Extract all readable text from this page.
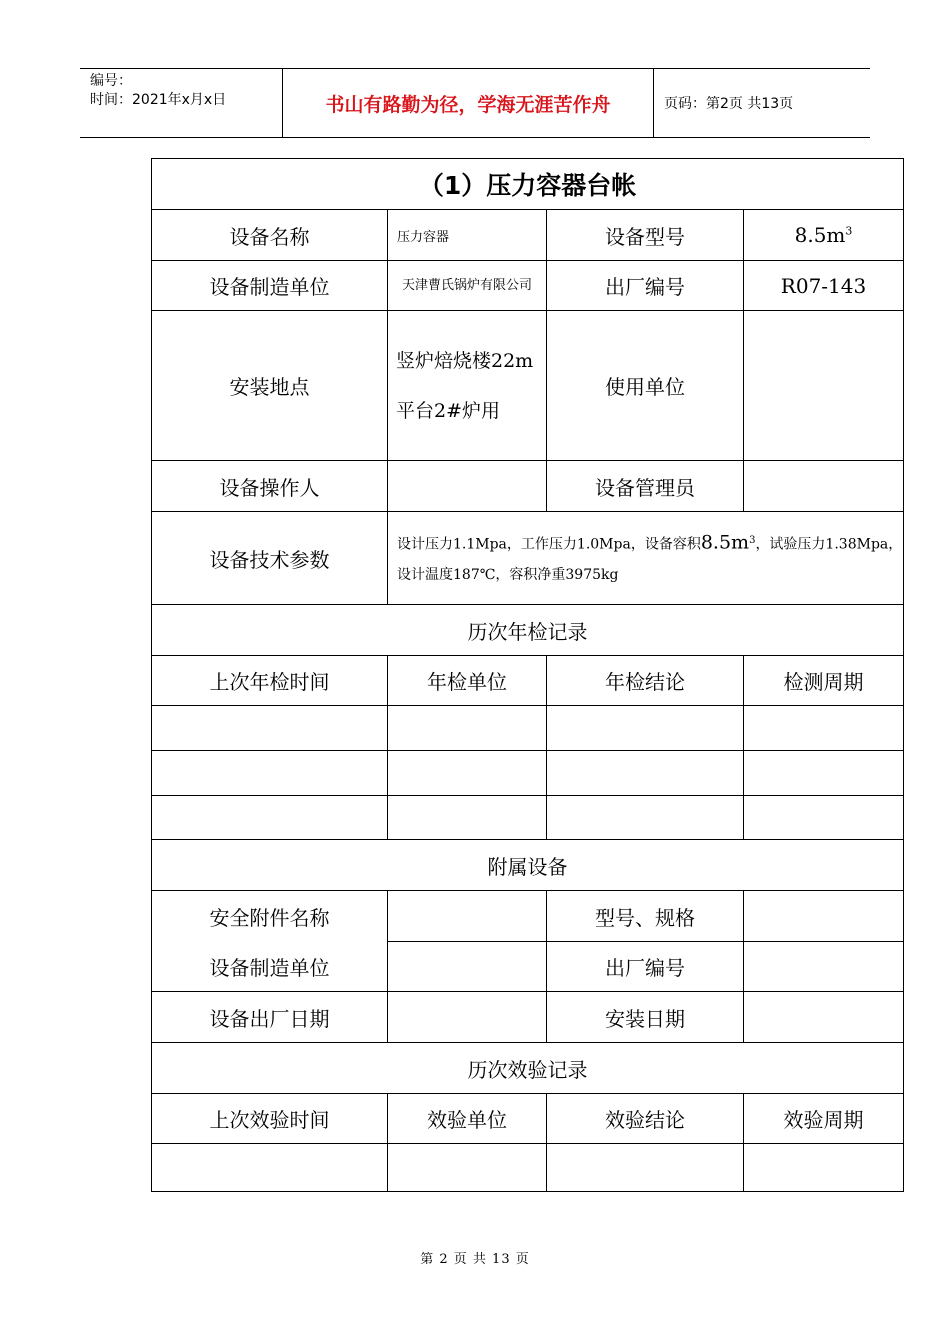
编号：
时间：2021年x月x日	书山有路勤为径，学海无涯苦作舟	页码：第2页 共13页
（1）压力容器台帐			
设备名称	压力容器	设备型号	$8.5m^3$
设备制造单位	天津曹氏锅炉有限公司	出厂编号	R07-143
安装地点	竖炉焙烧楼22m平台2#炉用	使用单位	
设备操作人		设备管理员	
设备技术参数	设计压力1.1Mpa，工作压力1.0Mpa，设备容积$8.5m^3$，试验压力1.38Mpa，设计温度187℃，容积净重3975kg		
历次年检记录			
上次年检时间	年检单位	年检结论	检测周期

附属设备			
安全附件名称		型号、规格	
设备制造单位		出厂编号	
设备出厂日期		安装日期	
历次效验记录			
上次效验时间	效验单位	效验结论	效验周期

第 2 页 共 13 页
